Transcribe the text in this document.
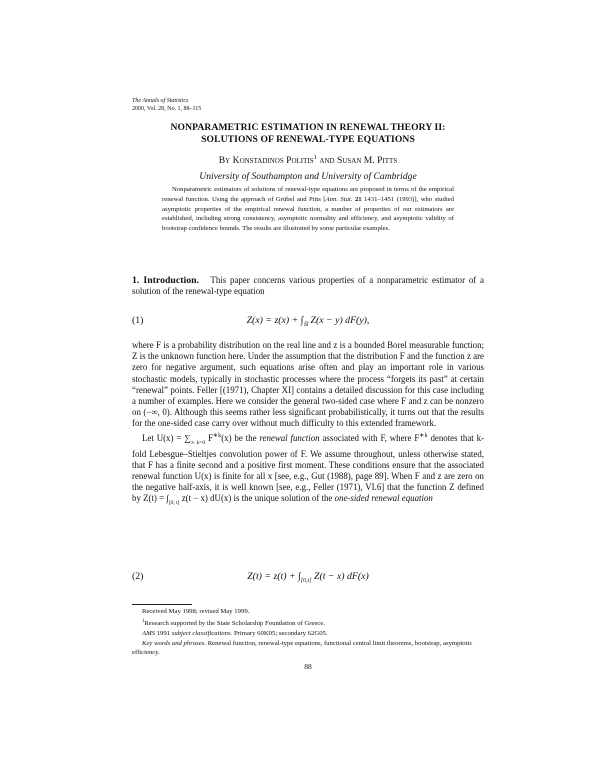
The Annals of Statistics
2000, Vol. 28, No. 1, 88–115
NONPARAMETRIC ESTIMATION IN RENEWAL THEORY II:
SOLUTIONS OF RENEWAL-TYPE EQUATIONS
By Konstadinos Politis$^1$ and Susan M. Pitts
University of Southampton and University of Cambridge

Nonparametric estimators of solutions of renewal-type equations are proposed in terms of the empirical renewal function. Using the approach of Grübel and Pitts [Ann. Stat. 21 1431–1451 (1993)], who studied asymptotic properties of the empirical renewal function, a number of properties of our estimators are established, including strong consistency, asymptotic normality and efficiency, and asymptotic validity of bootstrap confidence bounds. The results are illustrated by some particular examples.

1. Introduction. This paper concerns various properties of a nonparametric estimator of a solution of the renewal-type equation

(1)	$Z(x) = z(x) + \int_ℝ$ Z(x − y) dF(y),

where F is a probability distribution on the real line and z is a bounded Borel measurable function; Z is the unknown function here. Under the assumption that the distribution F and the function z are zero for negative argument, such equations arise often and play an important role in various stochastic models, typically in stochastic processes where the process “forgets its past” at certain “renewal” points. Feller [(1971), Chapter XI] contains a detailed discussion for this case including a number of examples. Here we consider the general two-sided case where F and z can be nonzero on (−∞, 0). Although this seems rather less significant probabilistically, it turns out that the results for the one-sided case carry over without much difficulty to this extended framework.

Let $U(x) = \sum_{\infty k=0}$ $F^{∗k}(x)$ be the renewal function associated with F, where $F^{∗k}$ denotes that k-fold Lebesgue–Stieltjes convolution power of F. We assume throughout, unless otherwise stated, that F has a finite second and a positive first moment. These conditions ensure that the associated renewal function U(x) is finite for all x [see, e.g., Gut (1988), page 89]. When F and z are zero on the negative half-axis, it is well known [see, e.g., Feller (1971), VI.6] that the function Z defined by $Z(t) = \int_{[0, t]}$ z(t − x) dU(x) is the unique solution of the one-sided renewal equation

(2)	$Z(t) = z(t) + \int_{[0,t]}$ Z(t − x) dF(x)

Received May 1998; revised May 1999.

$^1$Research supported by the State Scholarship Foundation of Greece.

AMS 1991 subject classifications. Primary 60K05; secondary 62G05.

Key words and phrases. Renewal function, renewal-type equations, functional central limit theorems, bootstrap, asymptotic efficiency.

88
